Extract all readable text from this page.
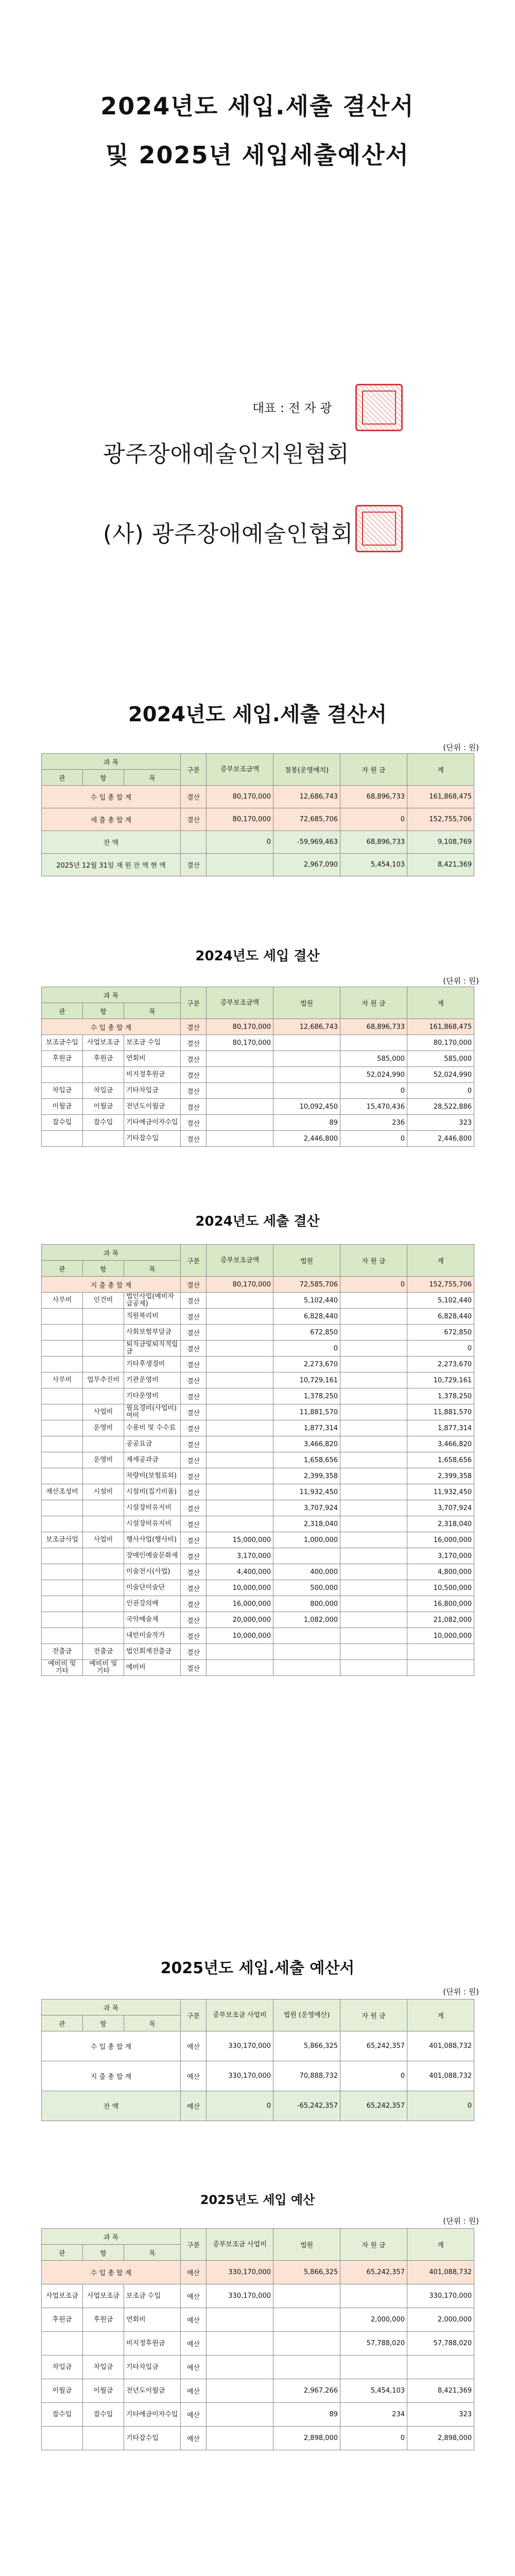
2024년도 세입.세출 결산서
및 2025년 세입세출예산서
대표 : 전 자 광
광주장애예술인지원협회
(사) 광주장애예술인협회
2024년도 세입.세출 결산서
(단위 : 원)
과 목			구분	증부보조금액	절봉(운영예치)	자 원 금	계
관	항	목					
수 입 총 합 계			결산	80,170,000	12,686,743	68,896,733	161,868,475
세 출 총 합 계			결산	80,170,000	72,685,706	0	152,755,706
잔 액				0	-59,969,463	68,896,733	9,108,769
2025년 12월 31일 재 원 잔 액 현 액			결산		2,967,090	5,454,103	8,421,369
2024년도 세입 결산
(단위 : 원)
과 목			구분	증부보조금액	법원	자 원 금	계
관	항	목					
수 입 총 합 계			결산	80,170,000	12,686,743	68,896,733	161,868,475
보조금수입	사업보조금	보조금 수입	결산	80,170,000			80,170,000
후원금	후원금	연회비	결산			585,000	585,000
		비지정후원금	결산			52,024,990	52,024,990
차입금	차입금	기타차입금	결산			0	0
이월금	이월금	전년도이월금	결산		10,092,450	15,470,436	28,522,886
잡수입	잡수입	기타예금이자수입	결산		89	236	323
		기타잡수입	결산		2,446,800	0	2,446,800
2024년도 세출 결산
과 목			구분	증부보조금액	법원	자 원 금	계
관	항	목					
지 출 총 합 계			결산	80,170,000	72,585,706	0	152,755,706
사무비	인건비	법인사업(예비자급공제)	결산		5,102,440		5,102,440
		직원복리비	결산		6,828,440		6,828,440
		사회보험부담금	결산		672,850		672,850
		퇴직금및퇴직적립금	결산		0		0
		기타후생경비	결산		2,273,670		2,273,670
사무비	업무추진비	기관운영비	결산		10,729,161		10,729,161
		기타운영비	결산		1,378,250		1,378,250
	사업비	필요경비(사업비)여비	결산		11,881,570		11,881,570
	운영비	수용비 및 수수료	결산		1,877,314		1,877,314
		공공요금	결산		3,466,820		3,466,820
	운영비	제세공과금	결산		1,658,656		1,658,656
		차량비(보험료외)	결산		2,399,358		2,399,358
재산조성비	시설비	시설비(집기비품)	결산		11,932,450		11,932,450
		시설장비유지비	결산		3,707,924		3,707,924
		시설장비유지비	결산		2,318,040		2,318,040
보조금사업	사업비	행사사업(행사비)	결산	15,000,000	1,000,000		16,000,000
		장애인예술문화제	결산	3,170,000			3,170,000
		미술전시(사업)	결산	4,400,000	400,000		4,800,000
		미술단미술단	결산	10,000,000	500,000		10,500,000
		인권강의배	결산	16,000,000	800,000		16,800,000
		국악예술제	결산	20,000,000	1,082,000		21,082,000
		내빈미술작가	결산	10,000,000			10,000,000
전출금	전출금	법인회계전출금	결산				
예비비 및 기타	예비비 및 기타	예비비	결산				
2025년도 세입.세출 예산서
(단위 : 원)
과 목			구분	증부보조금 사업비	법원 (운영예산)	자 원 금	계
관	항	목					
수 입 총 합 계			예산	330,170,000	5,866,325	65,242,357	401,088,732
지 출 총 합 계			예산	330,170,000	70,888,732	0	401,088,732
잔 액			예산	0	-65,242,357	65,242,357	0
2025년도 세입 예산
(단위 : 원)
과 목			구분	증부보조금 사업비	법원	자 원 금	계
관	항	목					
수 입 총 합 계			예산	330,170,000	5,866,325	65,242,357	401,088,732
사업보조금	사업보조금	보조금 수입	예산	330,170,000			330,170,000
후원금	후원금	연회비	예산			2,000,000	2,000,000
		비지정후원금	예산			57,788,020	57,788,020
차입금	차입금	기타차입금	예산				
이월금	이월금	전년도이월금	예산		2,967,266	5,454,103	8,421,369
잡수입	잡수입	기타예금이자수입	예산		89	234	323
		기타잡수입	예산		2,898,000	0	2,898,000
